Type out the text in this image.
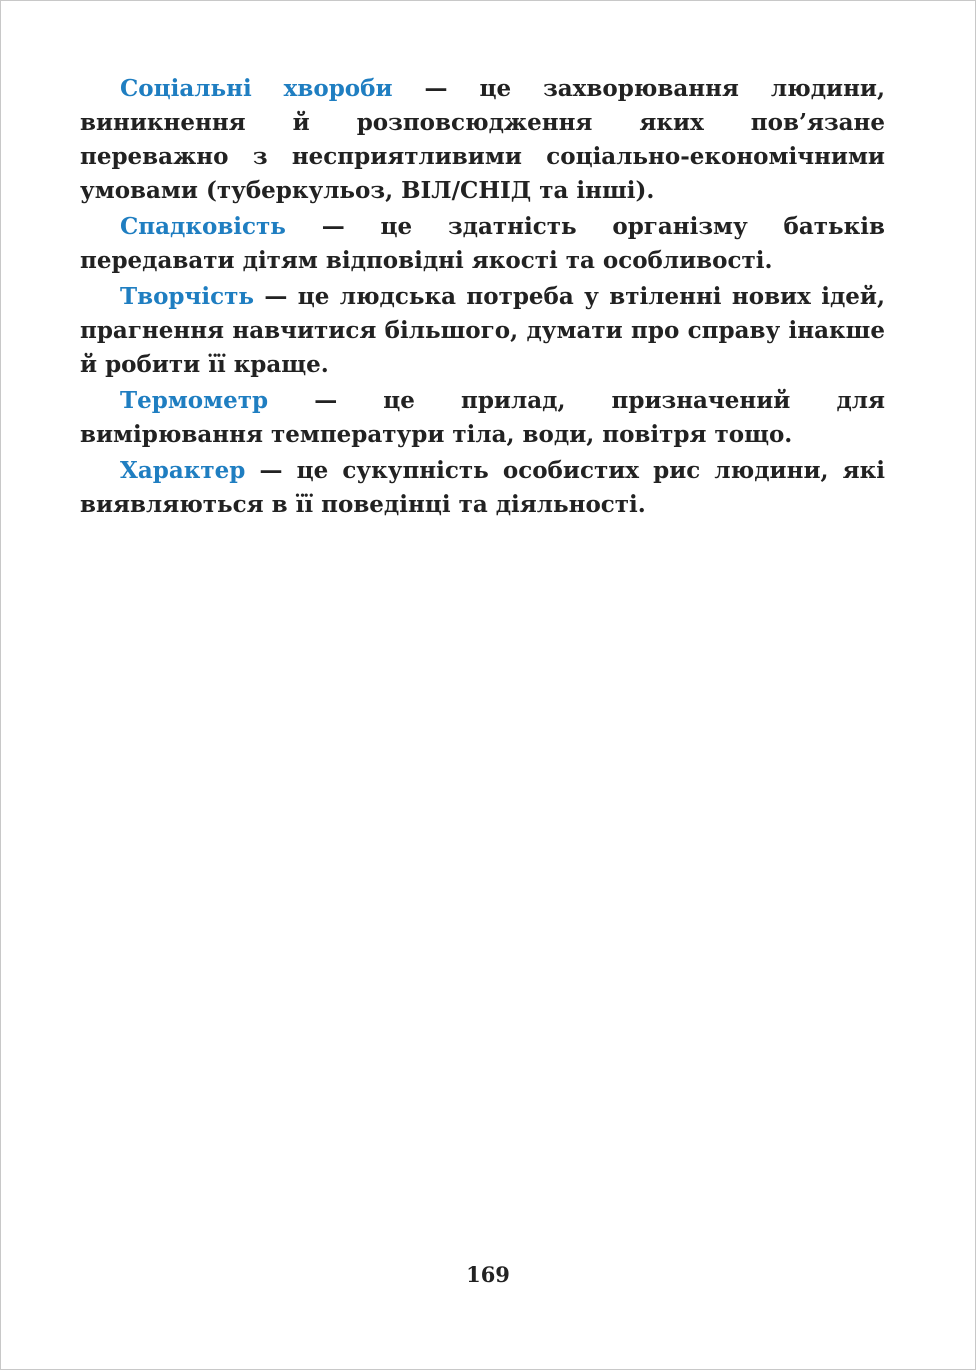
Соціальні хвороби — це захворювання людини, виникнення й розповсюдження яких пов’язане переважно з несприятливими соціально-економічними умовами (туберкульоз, ВІЛ/СНІД та інші).

Спадковість — це здатність організму батьків передавати дітям відповідні якості та особливості.

Творчість — це людська потреба у втіленні нових ідей, прагнення навчитися більшого, думати про справу інакше й робити її краще.

Термометр — це прилад, призначений для вимірювання температури тіла, води, повітря тощо.

Характер — це сукупність особистих рис людини, які виявляються в її поведінці та діяльності.

169
